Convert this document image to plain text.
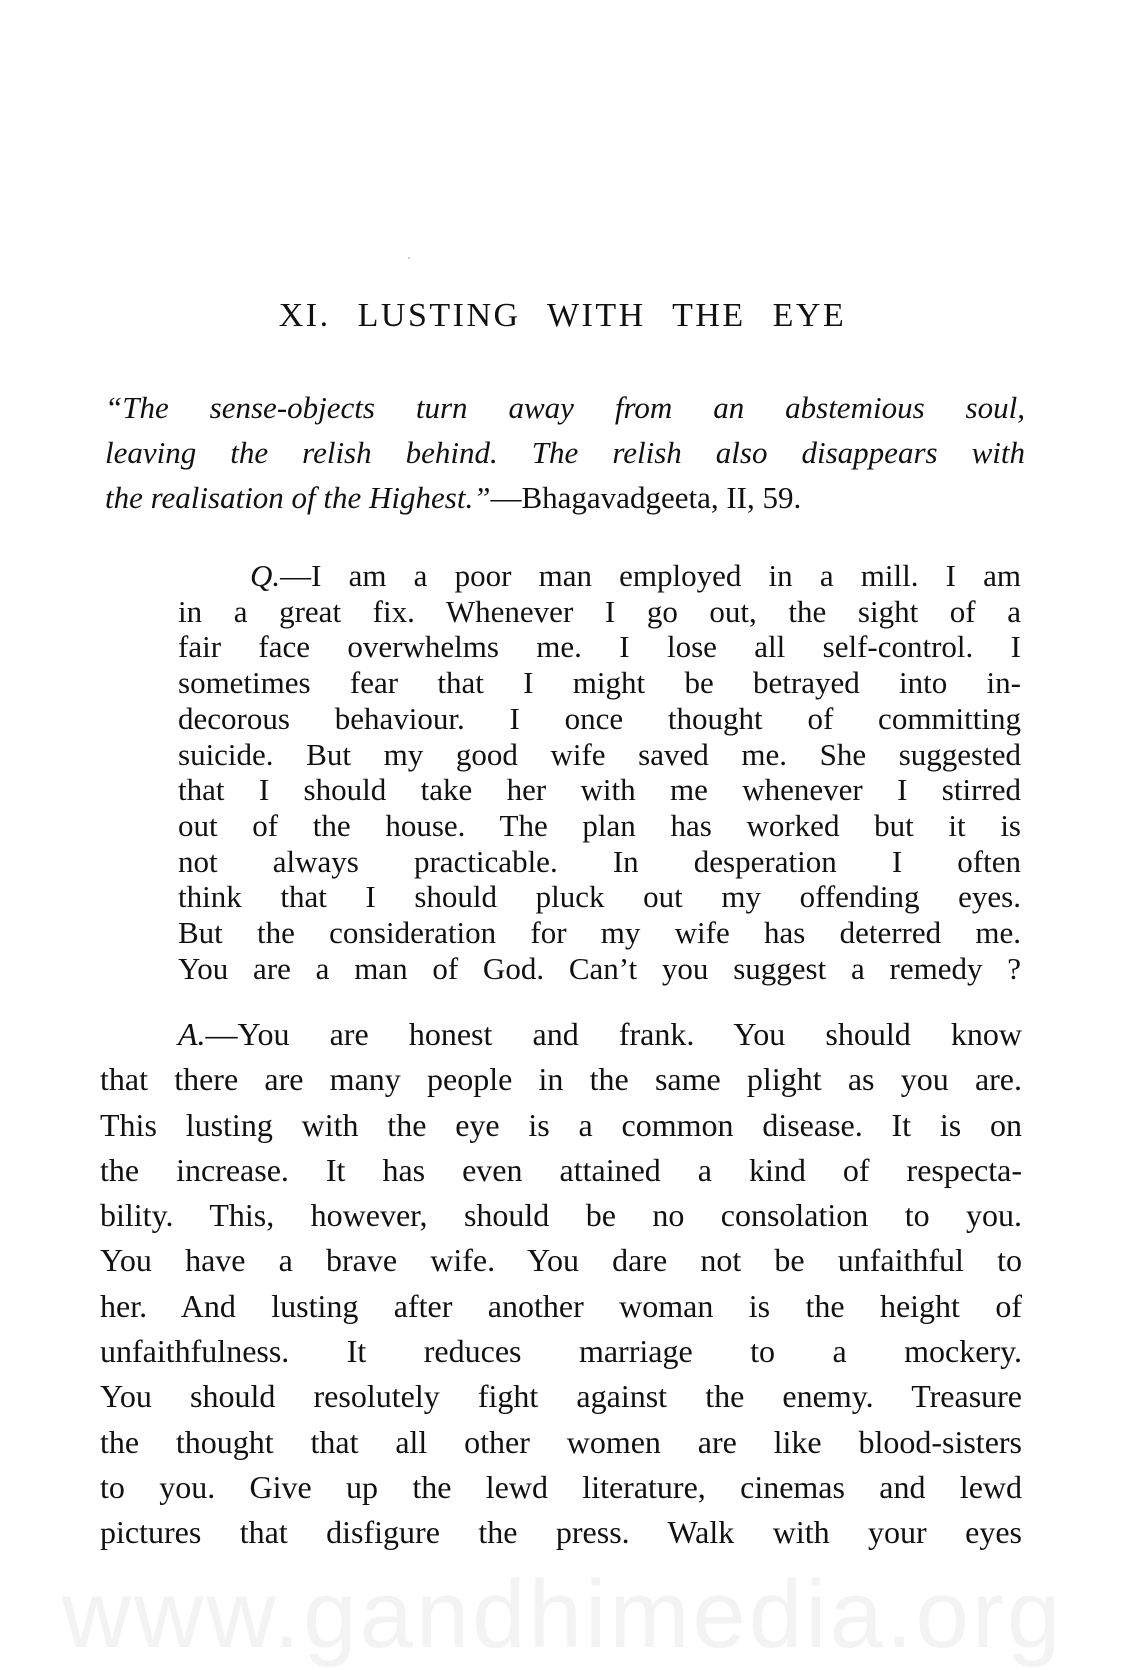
XI. LUSTING WITH THE EYE
“The sense-objects turn away from an abstemious soul,
leaving the relish behind. The relish also disappears with
the realisation of the Highest.”—Bhagavadgeeta, II, 59.
Q.—I am a poor man employed in a mill. I am
in a great fix. Whenever I go out, the sight of a
fair face overwhelms me. I lose all self-control. I
sometimes fear that I might be betrayed into in-
decorous behaviour. I once thought of committing
suicide. But my good wife saved me. She suggested
that I should take her with me whenever I stirred
out of the house. The plan has worked but it is
not always practicable. In desperation I often
think that I should pluck out my offending eyes.
But the consideration for my wife has deterred me.
You are a man of God. Can’t you suggest a remedy ?
A.—You are honest and frank. You should know
that there are many people in the same plight as you are.
This lusting with the eye is a common disease. It is on
the increase. It has even attained a kind of respecta-
bility. This, however, should be no consolation to you.
You have a brave wife. You dare not be unfaithful to
her. And lusting after another woman is the height of
unfaithfulness. It reduces marriage to a mockery.
You should resolutely fight against the enemy. Treasure
the thought that all other women are like blood-sisters
to you. Give up the lewd literature, cinemas and lewd
pictures that disfigure the press. Walk with your eyes
www.gandhimedia.org
